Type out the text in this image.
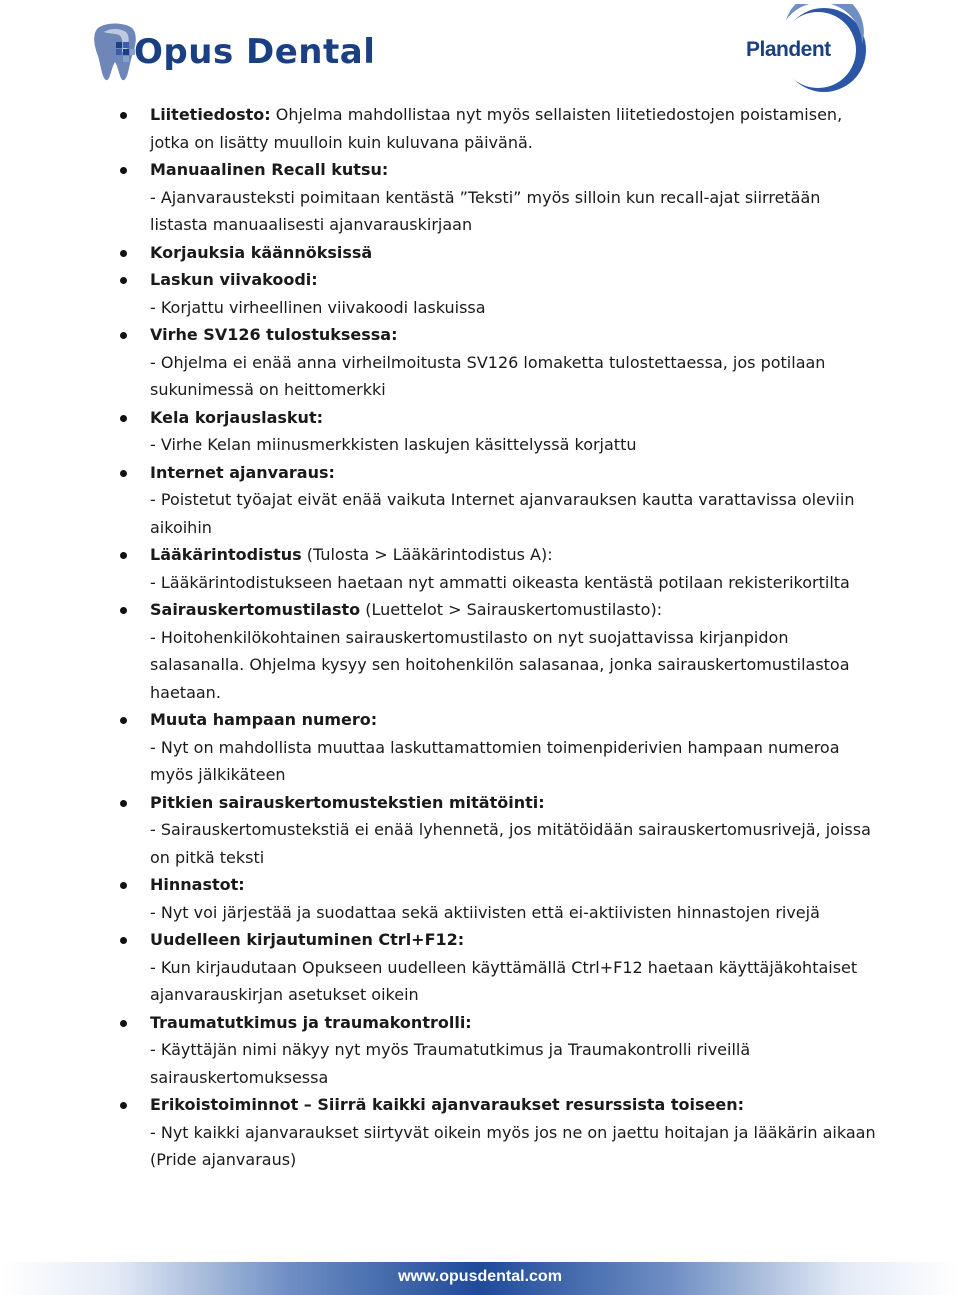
Opus Dental	Plandent
Liitetiedosto: Ohjelma mahdollistaa nyt myös sellaisten liitetiedostojen poistamisen, jotka on lisätty muulloin kuin kuluvana päivänä.
Manuaalinen Recall kutsu:
- Ajanvarausteksti poimitaan kentästä ”Teksti” myös silloin kun recall-ajat siirretään listasta manuaalisesti ajanvarauskirjaan
Korjauksia käännöksissä
Laskun viivakoodi:
- Korjattu virheellinen viivakoodi laskuissa
Virhe SV126 tulostuksessa:
- Ohjelma ei enää anna virheilmoitusta SV126 lomaketta tulostettaessa, jos potilaan sukunimessä on heittomerkki
Kela korjauslaskut:
- Virhe Kelan miinusmerkkisten laskujen käsittelyssä korjattu
Internet ajanvaraus:
- Poistetut työajat eivät enää vaikuta Internet ajanvarauksen kautta varattavissa oleviin aikoihin
Lääkärintodistus (Tulosta > Lääkärintodistus A):
- Lääkärintodistukseen haetaan nyt ammatti oikeasta kentästä potilaan rekisterikortilta
Sairauskertomustilasto (Luettelot > Sairauskertomustilasto):
- Hoitohenkilökohtainen sairauskertomustilasto on nyt suojattavissa kirjanpidon salasanalla. Ohjelma kysyy sen hoitohenkilön salasanaa, jonka sairauskertomustilastoa haetaan.
Muuta hampaan numero:
- Nyt on mahdollista muuttaa laskuttamattomien toimenpiderivien hampaan numeroa myös jälkikäteen
Pitkien sairauskertomustekstien mitätöinti:
- Sairauskertomustekstiä ei enää lyhennetä, jos mitätöidään sairauskertomusrivejä, joissa on pitkä teksti
Hinnastot:
- Nyt voi järjestää ja suodattaa sekä aktiivisten että ei-aktiivisten hinnastojen rivejä
Uudelleen kirjautuminen Ctrl+F12:
- Kun kirjaudutaan Opukseen uudelleen käyttämällä Ctrl+F12 haetaan käyttäjäkohtaiset ajanvarauskirjan asetukset oikein
Traumatutkimus ja traumakontrolli:
- Käyttäjän nimi näkyy nyt myös Traumatutkimus ja Traumakontrolli riveillä sairauskertomuksessa
Erikoistoiminnot – Siirrä kaikki ajanvaraukset resurssista toiseen:
- Nyt kaikki ajanvaraukset siirtyvät oikein myös jos ne on jaettu hoitajan ja lääkärin aikaan (Pride ajanvaraus)
www.opusdental.com
